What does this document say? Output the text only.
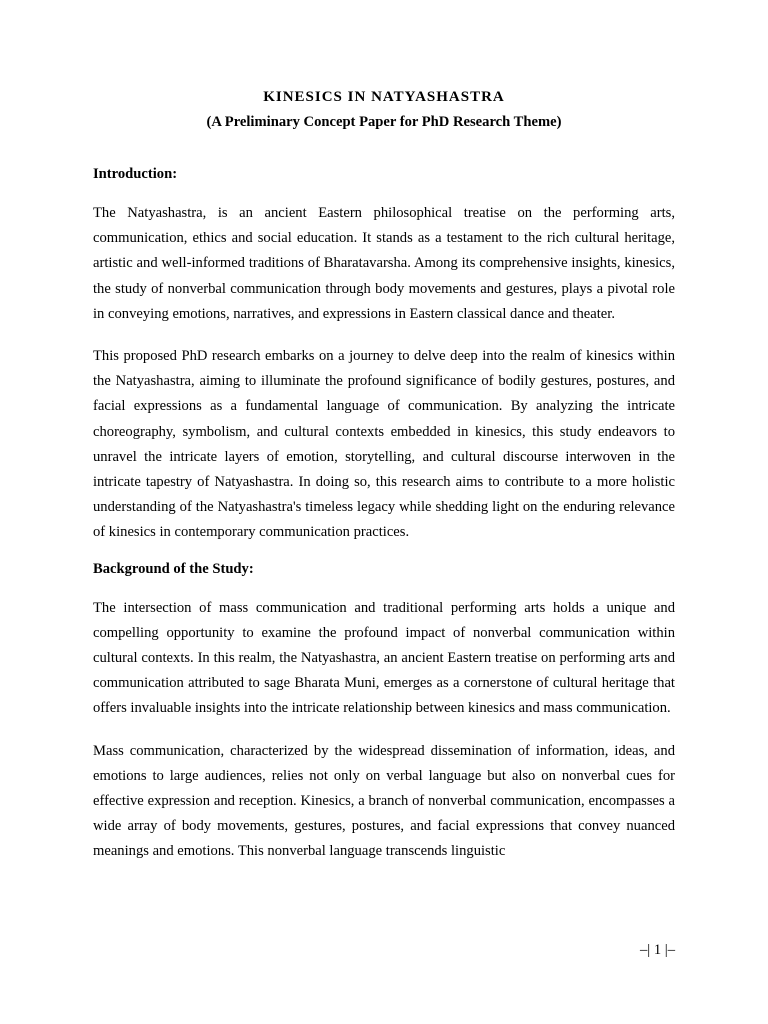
KINESICS IN NATYASHASTRA

(A Preliminary Concept Paper for PhD Research Theme)

Introduction:

The Natyashastra, is an ancient Eastern philosophical treatise on the performing arts, communication, ethics and social education. It stands as a testament to the rich cultural heritage, artistic and well-informed traditions of Bharatavarsha. Among its comprehensive insights, kinesics, the study of nonverbal communication through body movements and gestures, plays a pivotal role in conveying emotions, narratives, and expressions in Eastern classical dance and theater.

This proposed PhD research embarks on a journey to delve deep into the realm of kinesics within the Natyashastra, aiming to illuminate the profound significance of bodily gestures, postures, and facial expressions as a fundamental language of communication. By analyzing the intricate choreography, symbolism, and cultural contexts embedded in kinesics, this study endeavors to unravel the intricate layers of emotion, storytelling, and cultural discourse interwoven in the intricate tapestry of Natyashastra. In doing so, this research aims to contribute to a more holistic understanding of the Natyashastra's timeless legacy while shedding light on the enduring relevance of kinesics in contemporary communication practices.

Background of the Study:

The intersection of mass communication and traditional performing arts holds a unique and compelling opportunity to examine the profound impact of nonverbal communication within cultural contexts. In this realm, the Natyashastra, an ancient Eastern treatise on performing arts and communication attributed to sage Bharata Muni, emerges as a cornerstone of cultural heritage that offers invaluable insights into the intricate relationship between kinesics and mass communication.

Mass communication, characterized by the widespread dissemination of information, ideas, and emotions to large audiences, relies not only on verbal language but also on nonverbal cues for effective expression and reception. Kinesics, a branch of nonverbal communication, encompasses a wide array of body movements, gestures, postures, and facial expressions that convey nuanced meanings and emotions. This nonverbal language transcends linguistic

–| 1 |–
